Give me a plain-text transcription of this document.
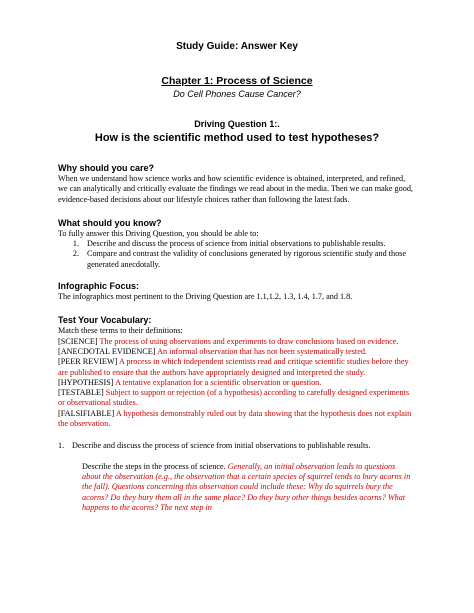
Study Guide: Answer Key

Chapter 1: Process of Science

Do Cell Phones Cause Cancer?

Driving Question 1:.

How is the scientific method used to test hypotheses?

Why should you care?

When we understand how science works and how scientific evidence is obtained, interpreted, and refined, we can analytically and critically evaluate the findings we read about in the media. Then we can make good, evidence-based decisions about our lifestyle choices rather than following the latest fads.

What should you know?

To fully answer this Driving Question, you should be able to:

1. Describe and discuss the process of science from initial observations to publishable results.
2. Compare and contrast the validity of conclusions generated by rigorous scientific study and those generated anecdotally.

Infographic Focus:

The infographics most pertinent to the Driving Question are 1.1,1.2, 1.3, 1.4, 1.7, and 1.8.

Test Your Vocabulary:

Match these terms to their definitions:

[SCIENCE] The process of using observations and experiments to draw conclusions based on evidence.

[ANECDOTAL EVIDENCE] An informal observation that has not been systematically tested.

[PEER REVIEW] A process in which independent scientists read and critique scientific studies before they are published to ensure that the authors have appropriately designed and interpreted the study.

[HYPOTHESIS] A tentative explanation for a scientific observation or question.

[TESTABLE] Subject to support or rejection (of a hypothesis) according to carefully designed experiments or observational studies.

[FALSIFIABLE] A hypothesis demonstrably ruled out by data showing that the hypothesis does not explain the observation.

1. Describe and discuss the process of science from initial observations to publishable results.

Describe the steps in the process of science. Generally, an initial observation leads to questions about the observation (e.g., the observation that a certain species of squirrel tends to bury acorns in the fall). Questions concerning this observation could include these: Why do squirrels bury the acorns? Do they bury them all in the same place? Do they bury other things besides acorns? What happens to the acorns? The next step in
